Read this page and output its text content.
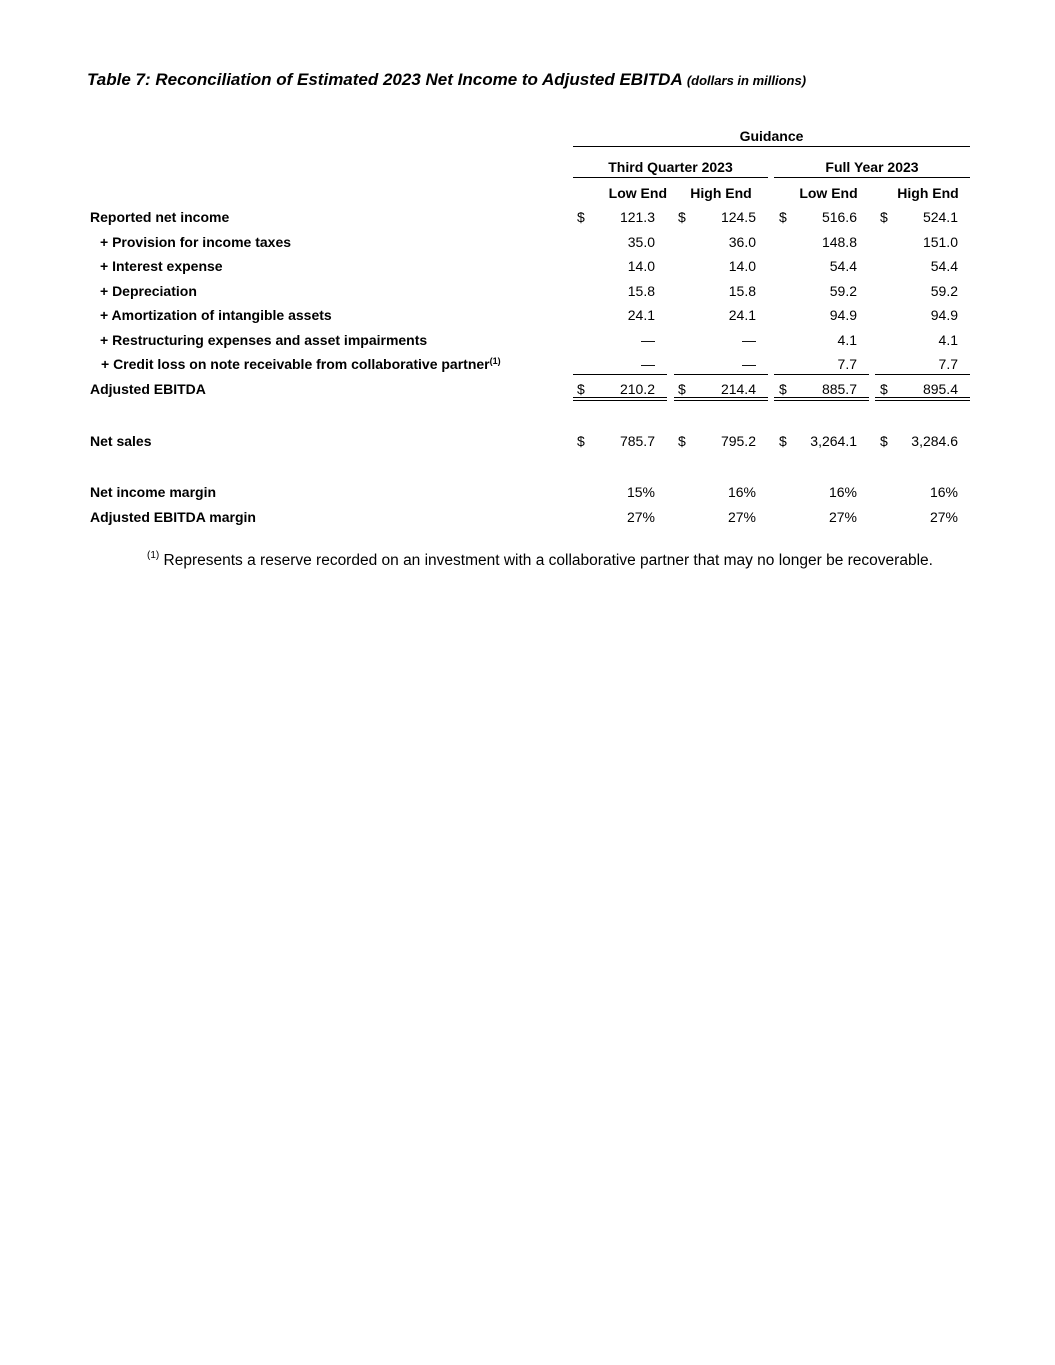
Table 7: Reconciliation of Estimated 2023 Net Income to Adjusted EBITDA (dollars in millions)
Guidance
Third Quarter 2023	Full Year 2023
Low End	High End	Low End	High End
Reported net income	$	121.3 $	124.5 $	516.6 $	524.1
+ Provision for income taxes	35.0	36.0	148.8	151.0
+ Interest expense	14.0	14.0	54.4	54.4
+ Depreciation	15.8	15.8	59.2	59.2
+ Amortization of intangible assets	24.1	24.1	94.9	94.9
+ Restructuring expenses and asset impairments	—	—	4.1	4.1
+ Credit loss on note receivable from collaborative partner$^{(1)}$	—	—	7.7	7.7
Adjusted EBITDA	$	210.2 $	214.4 $	885.7 $	895.4
Net sales	$	785.7 $	795.2 $	3,264.1 $	3,284.6
Net income margin	15%	16%	16%	16%
Adjusted EBITDA margin	27%	27%	27%	27%
$^{(1)}$ Represents a reserve recorded on an investment with a collaborative partner that may no longer be recoverable.
